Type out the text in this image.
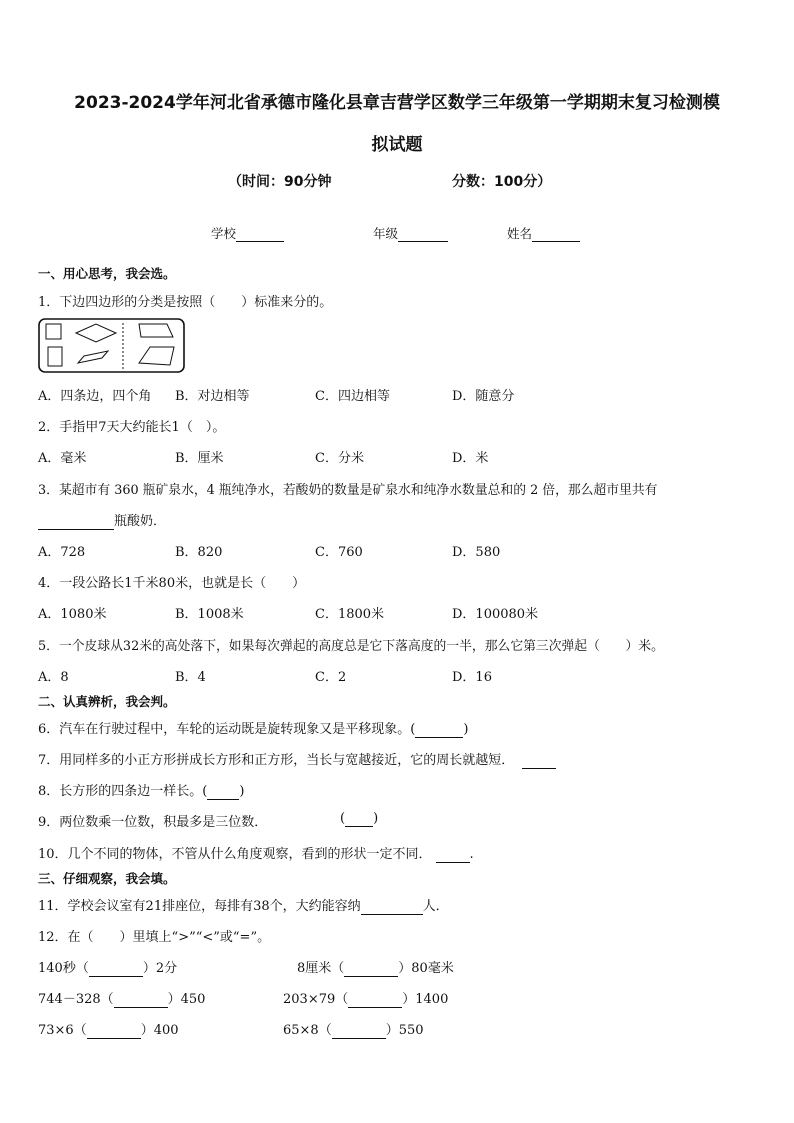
2023-2024学年河北省承德市隆化县章吉营学区数学三年级第一学期期末复习检测模
拟试题
（时间：90分钟	分数：100分）
学校	年级	姓名
一、用心思考，我会选。
1．下边四边形的分类是按照（　　）标准来分的。
A．四条边，四个角 B．对边相等	C．四边相等	D．随意分
2．手指甲7天大约能长1（　）。
A．毫米	B．厘米	C．分米	D．米
3．某超市有 360 瓶矿泉水，4 瓶纯净水，若酸奶的数量是矿泉水和纯净水数量总和的 2 倍，那么超市里共有
瓶酸奶．
A．728	B．820	C．760	D．580
4．一段公路长1千米80米，也就是长（　　）
A．1080米	B．1008米	C．1800米	D．100080米
5．一个皮球从32米的高处落下，如果每次弹起的高度总是它下落高度的一半，那么它第三次弹起（　　）米。
A．8	B．4	C．2	D．16
二、认真辨析，我会判。
6．汽车在行驶过程中，车轮的运动既是旋转现象又是平移现象。(	)
7．用同样多的小正方形拼成长方形和正方形，当长与宽越接近，它的周长就越短．
8．长方形的四条边一样长。( )
9．两位数乘一位数，积最多是三位数．	( )
10．几个不同的物体，不管从什么角度观察，看到的形状一定不同．	.
三、仔细观察，我会填。
11．学校会议室有21排座位，每排有38个，大约能容纳	人．
12．在（　　）里填上“>”“<”或“=”。
140秒（	）2分	8厘米（	）80毫米
744－328（	）450	203×79（	）1400
73×6（	）400	65×8（	）550
